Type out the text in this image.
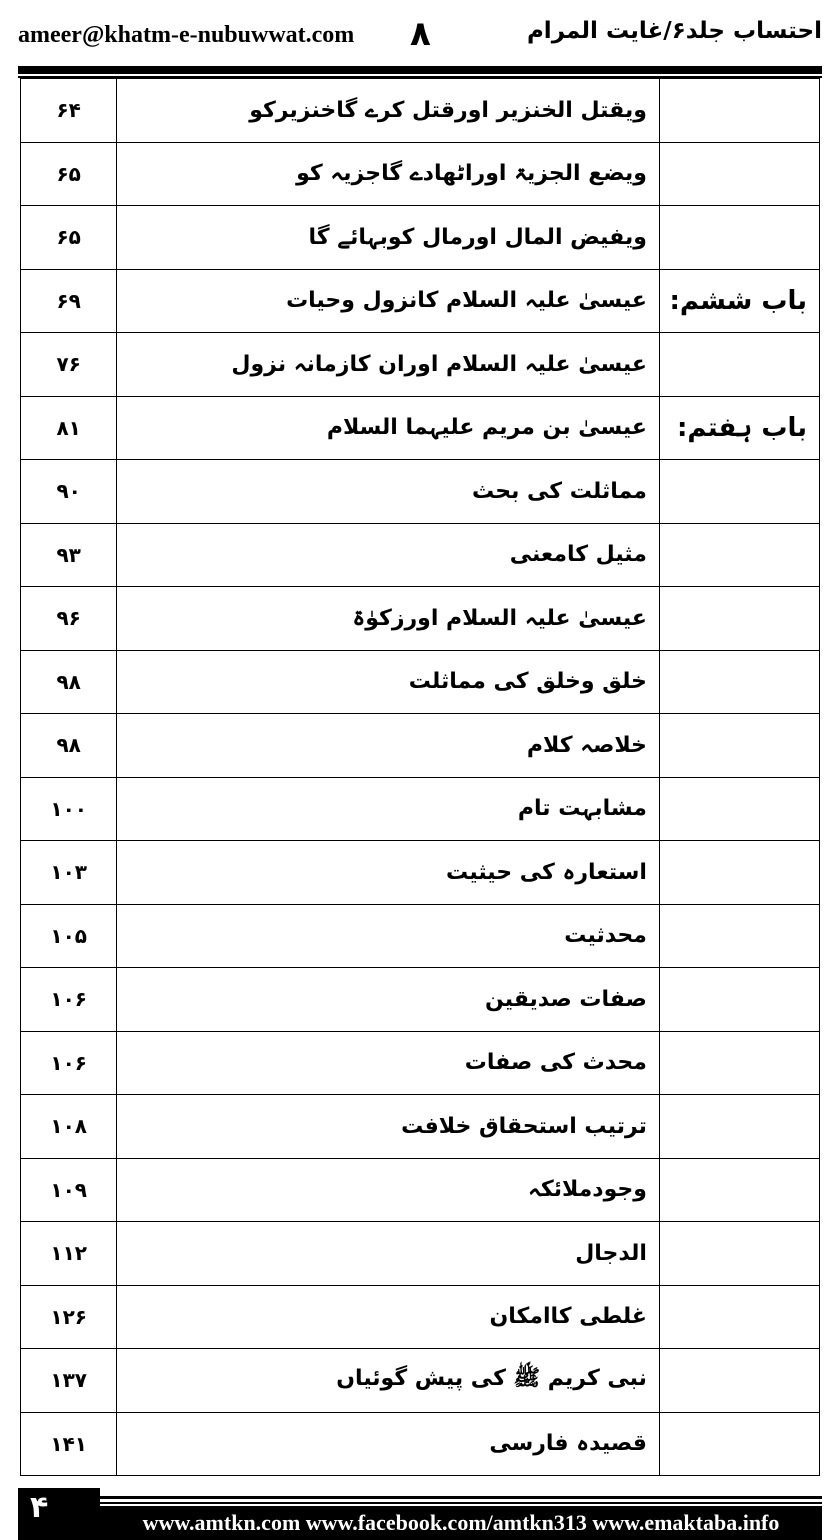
ameer@khatm-e-nubuwwat.com ۸	احتساب جلد۶/غایت المرام
	ویقتل الخنزیر اورقتل کرے گاخنزیرکو	۶۴
	ویضع الجزیۃ اوراٹھادے گاجزیہ کو	۶۵
	ویفیض المال اورمال کوبہائے گا	۶۵
باب ششم:	عیسیٰ علیہ السلام کانزول وحیات	۶۹
	عیسیٰ علیہ السلام اوران کازمانہ نزول	۷۶
باب ہفتم:	عیسیٰ بن مریم علیہما السلام	۸۱
	مماثلت کی بحث	۹۰
	مثیل کامعنی	۹۳
	عیسیٰ علیہ السلام اورزکوٰۃ	۹۶
	خلق وخلق کی مماثلت	۹۸
	خلاصہ کلام	۹۸
	مشابہت تام	۱۰۰
	استعارہ کی حیثیت	۱۰۳
	محدثیت	۱۰۵
	صفات صدیقین	۱۰۶
	محدث کی صفات	۱۰۶
	ترتیب استحقاق خلافت	۱۰۸
	وجودملائکہ	۱۰۹
	الدجال	۱۱۲
	غلطی کاامکان	۱۲۶
	نبی کریم ﷺ کی پیش گوئیاں	۱۳۷
	قصیدہ فارسی	۱۴۱
۴	www.amtkn.com www.facebook.com/amtkn313 www.emaktaba.info
